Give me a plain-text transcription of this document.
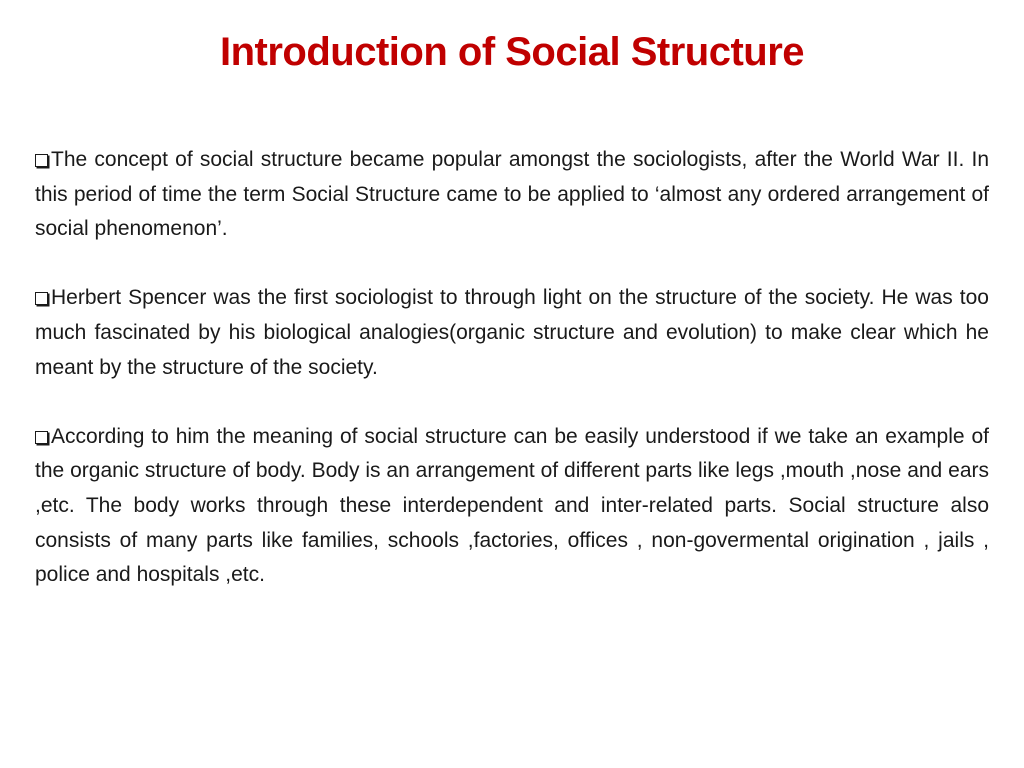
Introduction of Social Structure

The concept of social structure became popular amongst the sociologists, after the World War II. In this period of time the term Social Structure came to be applied to ‘almost any ordered arrangement of social phenomenon’.

Herbert Spencer was the first sociologist to through light on the structure of the society. He was too much fascinated by his biological analogies(organic structure and evolution) to make clear which he meant by the structure of the society.

According to him the meaning of social structure can be easily understood if we take an example of the organic structure of body. Body is an arrangement of different parts like legs ,mouth ,nose and ears ,etc. The body works through these interdependent and inter-related parts. Social structure also consists of many parts like families, schools ,factories, offices , non-govermental origination , jails , police and hospitals ,etc.
